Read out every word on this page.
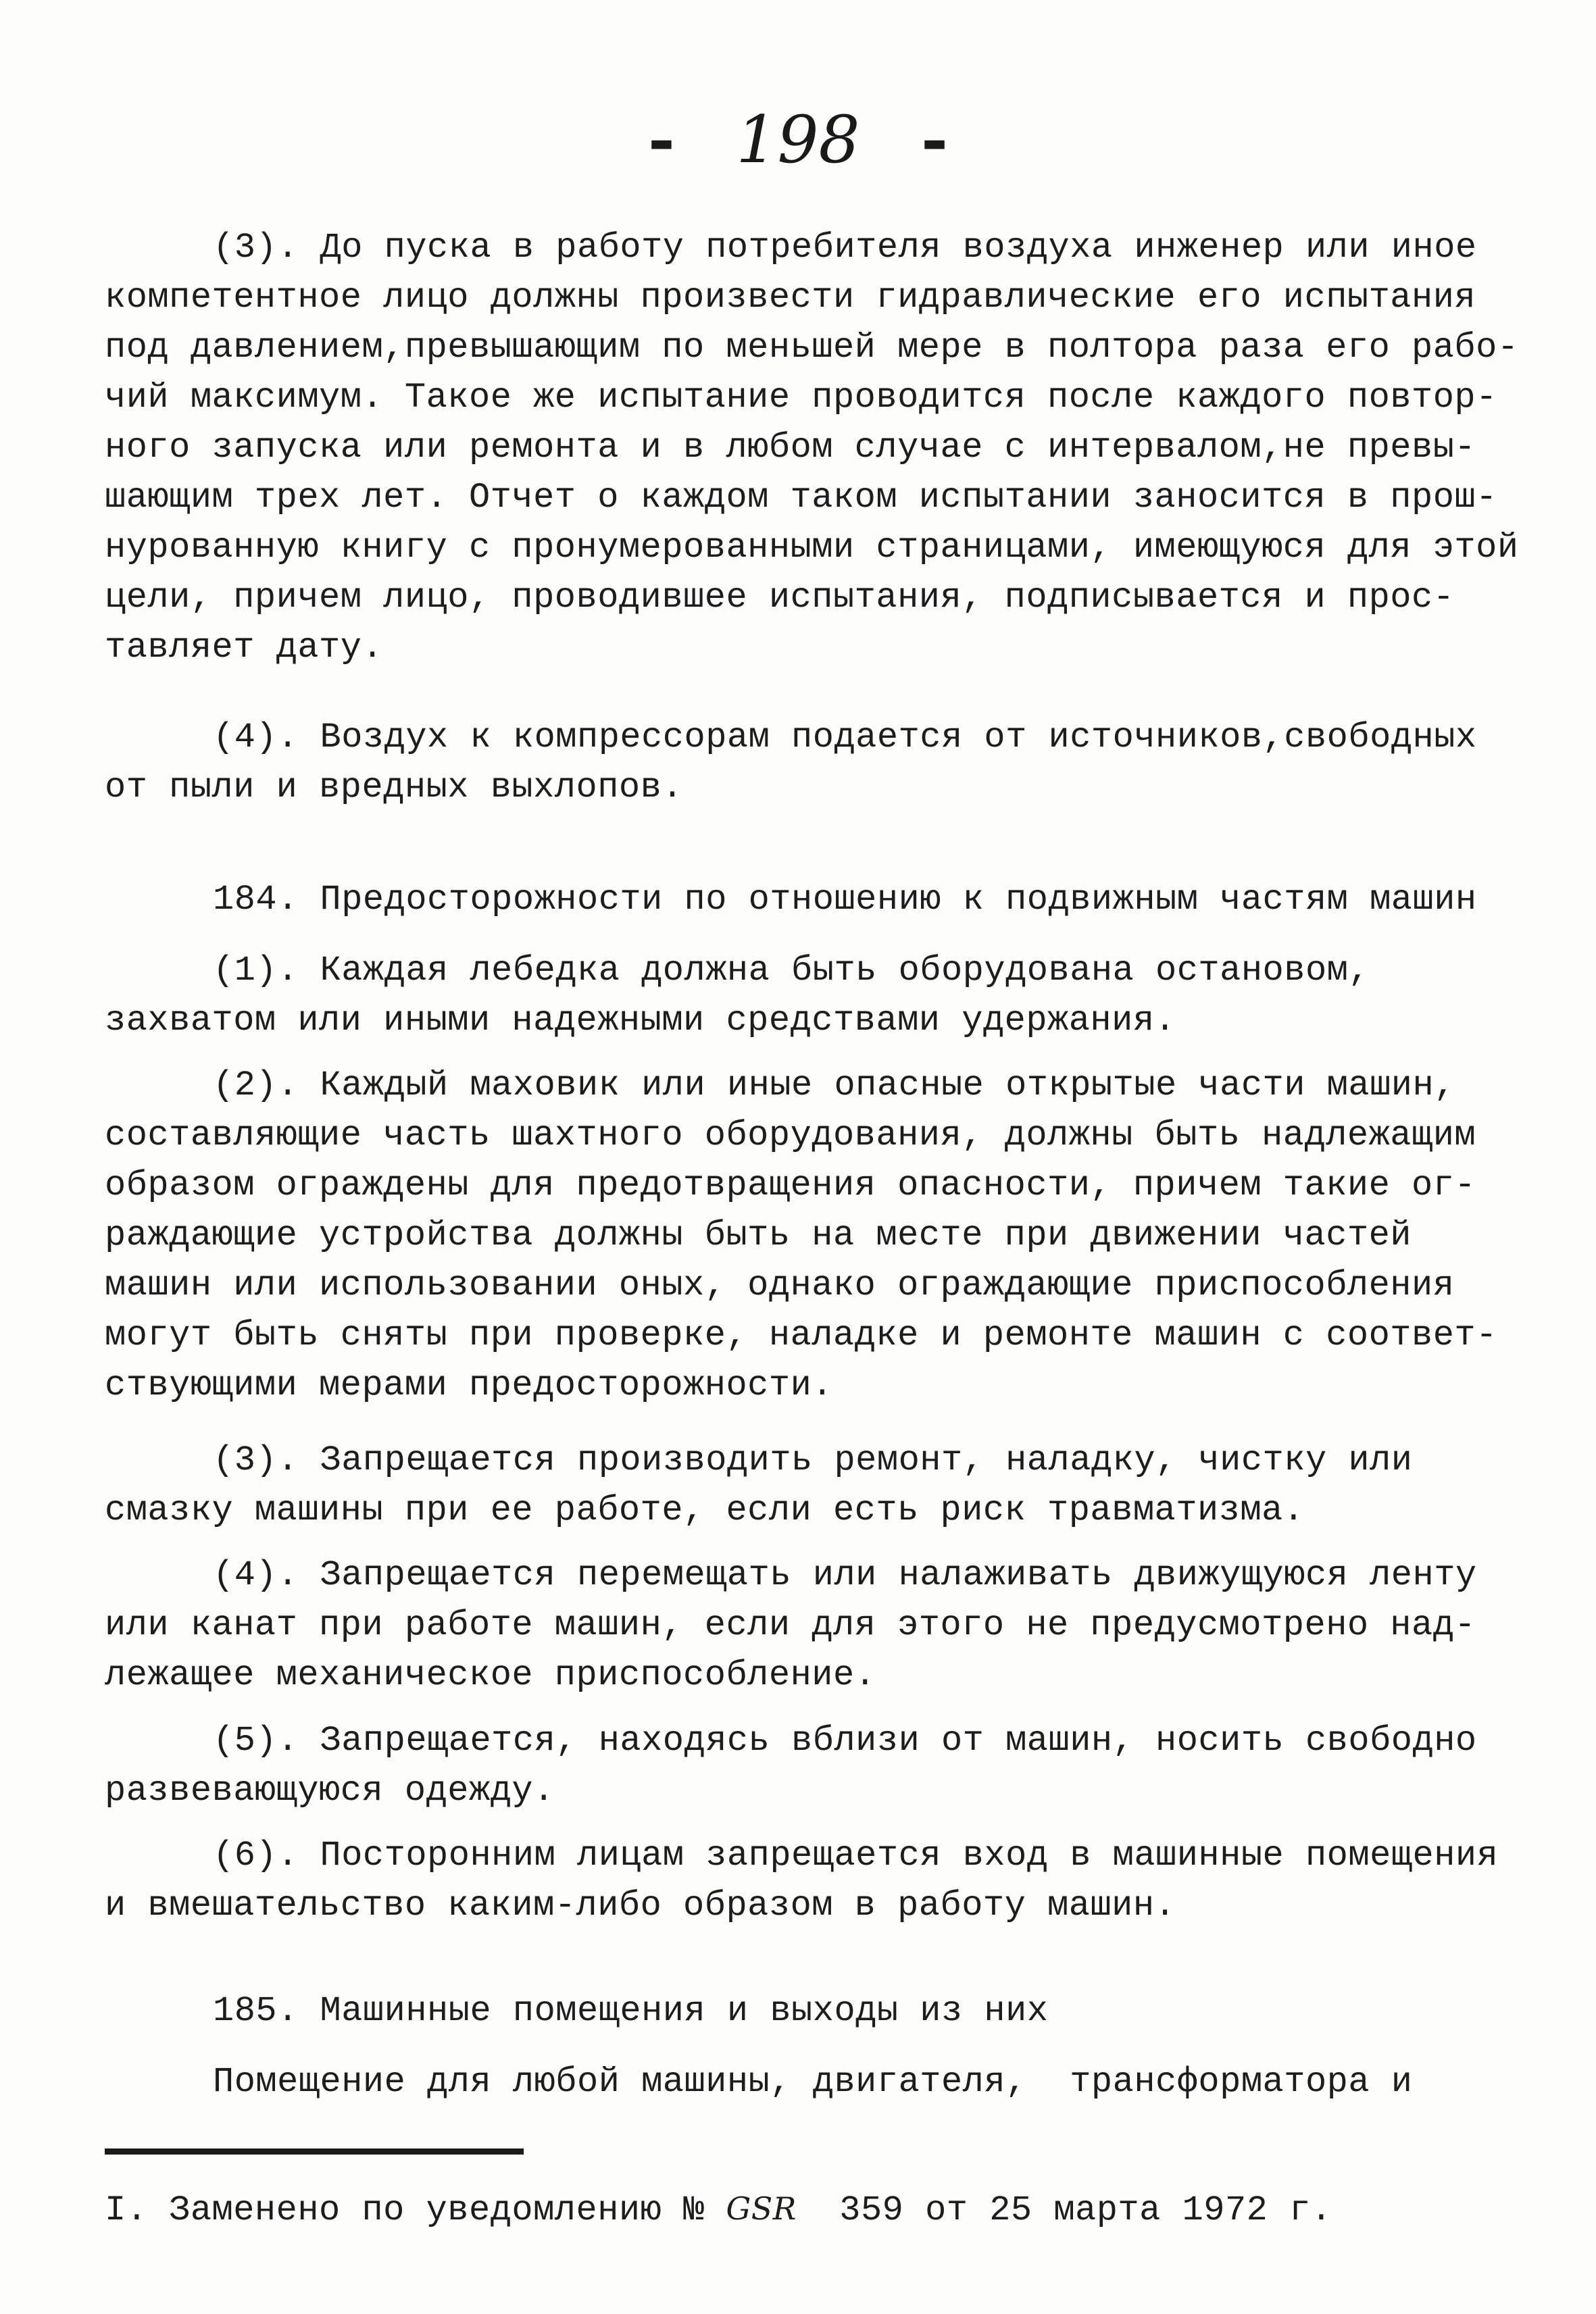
- 198 -
(3). До пуска в работу потребителя воздуха инженер или иное
компетентное лицо должны произвести гидравлические его испытания
под давлением,превышающим по меньшей мере в полтора раза его рабо-
чий максимум. Такое же испытание проводится после каждого повтор-
ного запуска или ремонта и в любом случае с интервалом,не превы-
шающим трех лет. Отчет о каждом таком испытании заносится в прош-
нурованную книгу с пронумерованными страницами, имеющуюся для этой
цели, причем лицо, проводившее испытания, подписывается и прос-
тавляет дату.
(4). Воздух к компрессорам подается от источников,свободных
от пыли и вредных выхлопов.
184. Предосторожности по отношению к подвижным частям машин
(1). Каждая лебедка должна быть оборудована остановом,
захватом или иными надежными средствами удержания.
(2). Каждый маховик или иные опасные открытые части машин,
составляющие часть шахтного оборудования, должны быть надлежащим
образом ограждены для предотвращения опасности, причем такие ог-
раждающие устройства должны быть на месте при движении частей
машин или использовании оных, однако ограждающие приспособления
могут быть сняты при проверке, наладке и ремонте машин с соответ-
ствующими мерами предосторожности.
(3). Запрещается производить ремонт, наладку, чистку или
смазку машины при ее работе, если есть риск травматизма.
(4). Запрещается перемещать или налаживать движущуюся ленту
или канат при работе машин, если для этого не предусмотрено над-
лежащее механическое приспособление.
(5). Запрещается, находясь вблизи от машин, носить свободно
развевающуюся одежду.
(6). Посторонним лицам запрещается вход в машинные помещения
и вмешательство каким-либо образом в работу машин.
185. Машинные помещения и выходы из них
Помещение для любой машины, двигателя,  трансформатора и
I. Заменено по уведомлению № GSR  359 от 25 марта 1972 г.
